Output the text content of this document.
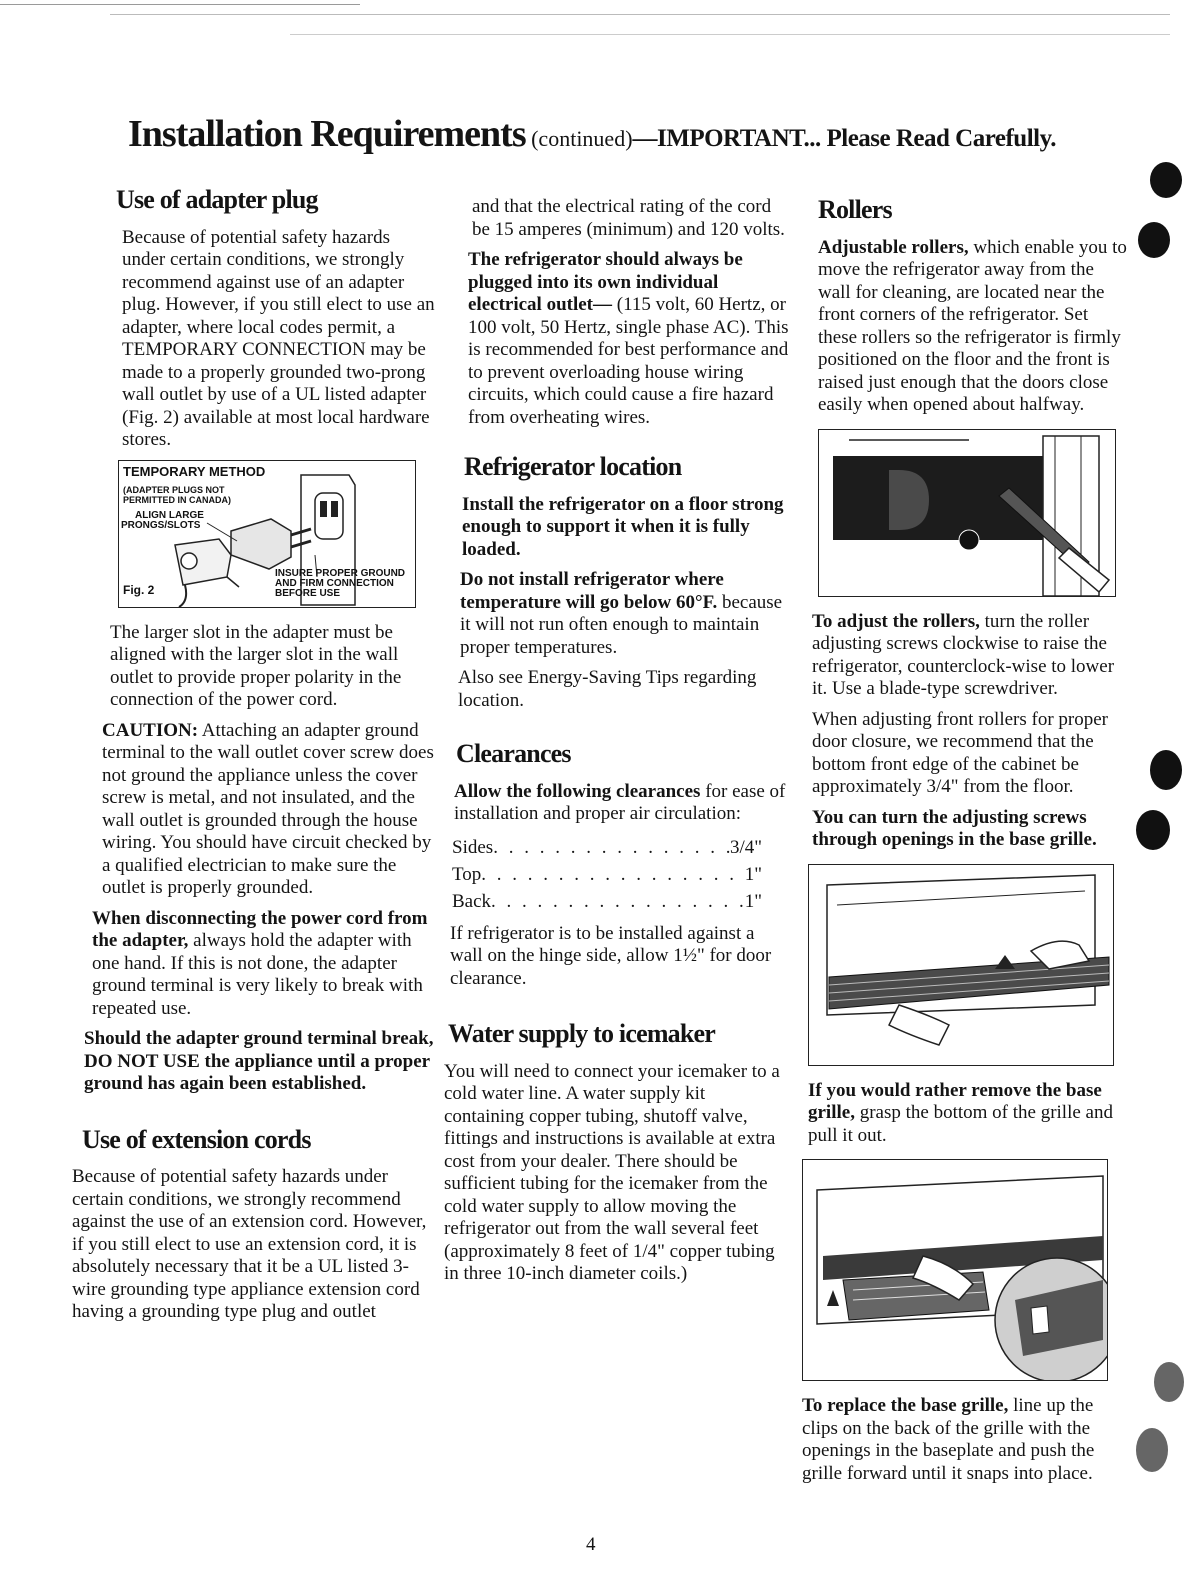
Installation Requirements (continued)—IMPORTANT... Please Read Carefully.
Use of adapter plug

Because of potential safety hazards under certain conditions, we strongly recommend against use of an adapter plug. However, if you still elect to use an adapter, where local codes permit, a TEMPORARY CONNECTION may be made to a properly grounded two-prong wall outlet by use of a UL listed adapter (Fig. 2) available at most local hardware stores.

TEMPORARY METHOD
(ADAPTER PLUGS NOT
PERMITTED IN CANADA)
ALIGN LARGE
PRONGS/SLOTS
INSURE PROPER GROUND
AND FIRM CONNECTION
BEFORE USE
Fig. 2

The larger slot in the adapter must be aligned with the larger slot in the wall outlet to provide proper polarity in the connection of the power cord.

CAUTION: Attaching an adapter ground terminal to the wall outlet cover screw does not ground the appliance unless the cover screw is metal, and not insulated, and the wall outlet is grounded through the house wiring. You should have circuit checked by a qualified electrician to make sure the outlet is properly grounded.

When disconnecting the power cord from the adapter, always hold the adapter with one hand. If this is not done, the adapter ground terminal is very likely to break with repeated use.

Should the adapter ground terminal break, DO NOT USE the appliance until a proper ground has again been established.

Use of extension cords

Because of potential safety hazards under certain conditions, we strongly recommend against the use of an extension cord. However, if you still elect to use an extension cord, it is absolutely necessary that it be a UL listed 3-wire grounding type appliance extension cord having a grounding type plug and outlet

and that the electrical rating of the cord be 15 amperes (minimum) and 120 volts.

The refrigerator should always be plugged into its own individual electrical outlet— (115 volt, 60 Hertz, or 100 volt, 50 Hertz, single phase AC). This is recommended for best performance and to prevent overloading house wiring circuits, which could cause a fire hazard from overheating wires.

Refrigerator location

Install the refrigerator on a floor strong enough to support it when it is fully loaded.

Do not install refrigerator where temperature will go below 60°F. because it will not run often enough to maintain proper temperatures.

Also see Energy-Saving Tips regarding location.

Clearances

Allow the following clearances for ease of installation and proper air circulation:

Sides . . .	3/4"
Top . . .	1"
Back . . .	1"

If refrigerator is to be installed against a wall on the hinge side, allow 1½" for door clearance.

Water supply to icemaker

You will need to connect your icemaker to a cold water line. A water supply kit containing copper tubing, shutoff valve, fittings and instructions is available at extra cost from your dealer. There should be sufficient tubing for the icemaker from the cold water supply to allow moving the refrigerator out from the wall several feet (approximately 8 feet of 1/4" copper tubing in three 10-inch diameter coils.)

Rollers

Adjustable rollers, which enable you to move the refrigerator away from the wall for cleaning, are located near the front corners of the refrigerator. Set these rollers so the refrigerator is firmly positioned on the floor and the front is raised just enough that the doors close easily when opened about halfway.

To adjust the rollers, turn the roller adjusting screws clockwise to raise the refrigerator, counterclock-wise to lower it. Use a blade-type screwdriver.

When adjusting front rollers for proper door closure, we recommend that the bottom front edge of the cabinet be approximately 3/4" from the floor.

You can turn the adjusting screws through openings in the base grille.

If you would rather remove the base grille, grasp the bottom of the grille and pull it out.

To replace the base grille, line up the clips on the back of the grille with the openings in the baseplate and push the grille forward until it snaps into place.

4
